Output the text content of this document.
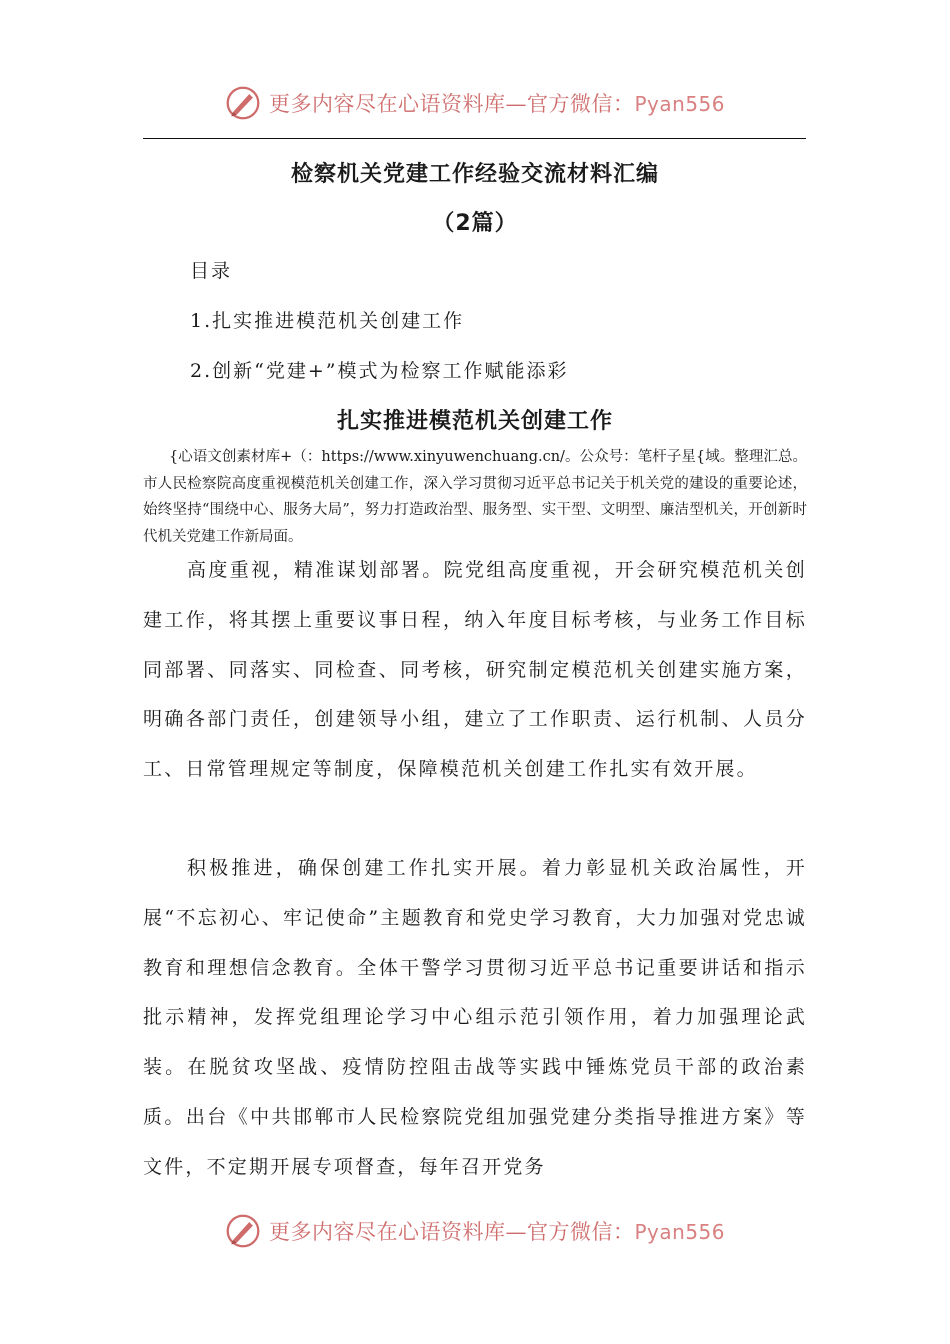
更多内容尽在心语资料库—官方微信：Pyan556
检察机关党建工作经验交流材料汇编
（2篇）
目录
1.扎实推进模范机关创建工作
2.创新“党建+”模式为检察工作赋能添彩
扎实推进模范机关创建工作
{心语文创素材库+（：https://www.xinyuwenchuang.cn/。公众号：笔杆子星{域。整理汇总。市人民检察院高度重视模范机关创建工作，深入学习贯彻习近平总书记关于机关党的建设的重要论述，始终坚持“围绕中心、服务大局”，努力打造政治型、服务型、实干型、文明型、廉洁型机关，开创新时代机关党建工作新局面。
高度重视，精准谋划部署。院党组高度重视，开会研究模范机关创建工作，将其摆上重要议事日程，纳入年度目标考核，与业务工作目标同部署、同落实、同检查、同考核，研究制定模范机关创建实施方案，明确各部门责任，创建领导小组，建立了工作职责、运行机制、人员分工、日常管理规定等制度，保障模范机关创建工作扎实有效开展。
积极推进，确保创建工作扎实开展。着力彰显机关政治属性，开展“不忘初心、牢记使命”主题教育和党史学习教育，大力加强对党忠诚教育和理想信念教育。全体干警学习贯彻习近平总书记重要讲话和指示批示精神，发挥党组理论学习中心组示范引领作用，着力加强理论武装。在脱贫攻坚战、疫情防控阻击战等实践中锤炼党员干部的政治素质。出台《中共邯郸市人民检察院党组加强党建分类指导推进方案》等文件，不定期开展专项督查，每年召开党务
更多内容尽在心语资料库—官方微信：Pyan556
